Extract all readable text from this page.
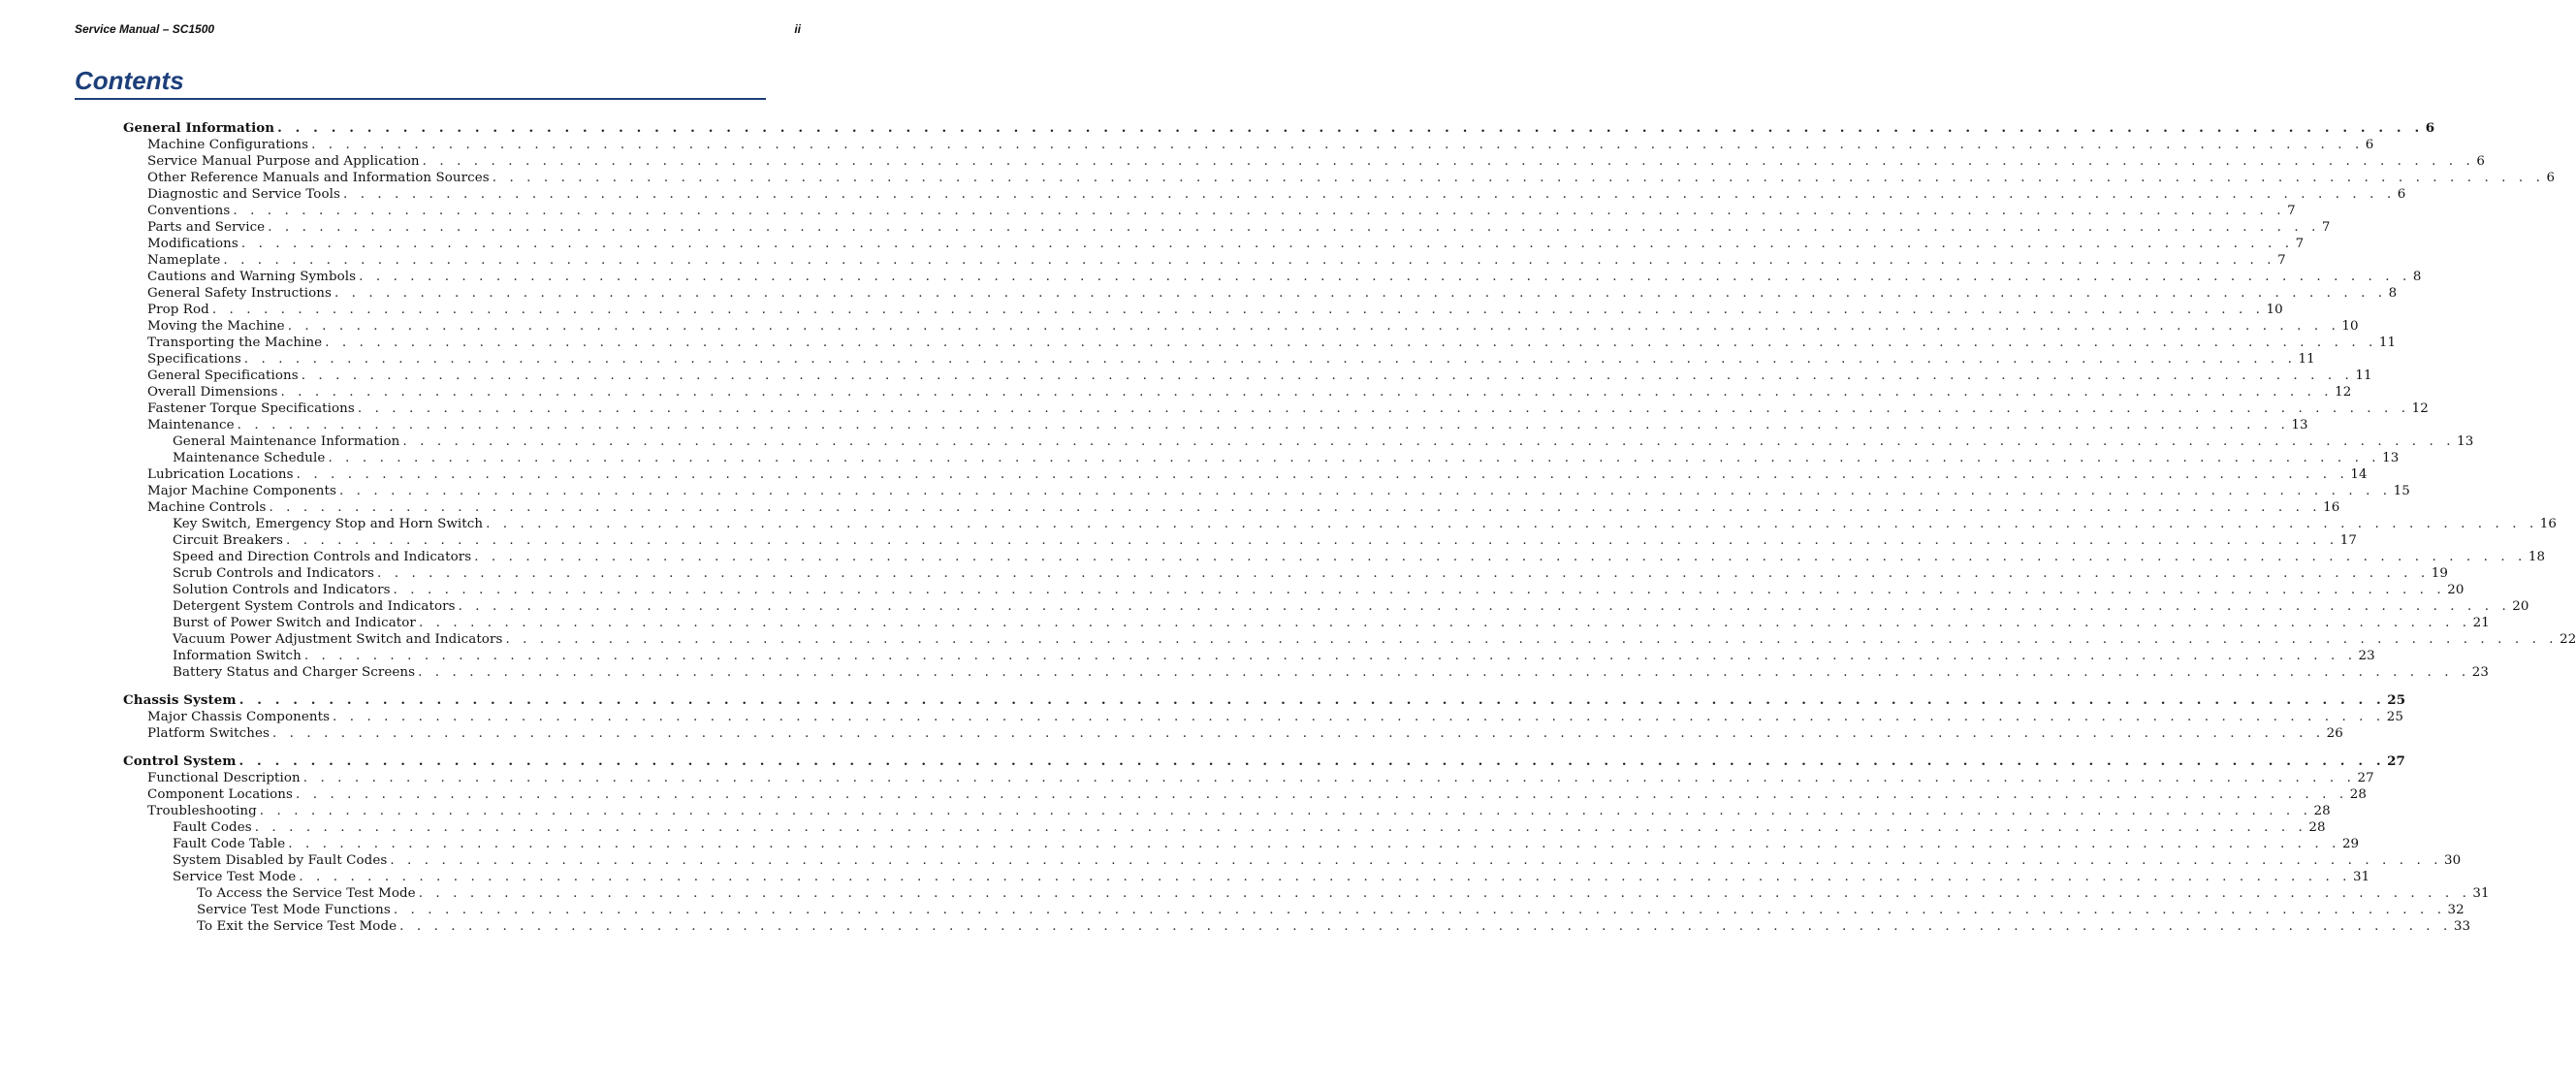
Service Manual – SC1500	ii
Contents
General Information . . . . . . . . . . . . . . . . . . . . . . . . . . . . . . . . . . . . . . . . . . . . . . . . . . . . . . . . . . . . . . . . . . . . . . . . . . . . . . . . . . . . . . . . . . . . . . . . . . . . . . . . . . . . . . . . . . . . . . . . 6
Machine Configurations . . . . . . . . . . . . . . . . . . . . . . . . . . . . . . . . . . . . . . . . . . . . . . . . . . . . . . . . . . . . . . . . . . . . . . . . . . . . . . . . . . . . . . . . . . . . . . . . . . . . . . . . . . . . . . . . . . . . . . . . 6
Service Manual Purpose and Application . . . . . . . . . . . . . . . . . . . . . . . . . . . . . . . . . . . . . . . . . . . . . . . . . . . . . . . . . . . . . . . . . . . . . . . . . . . . . . . . . . . . . . . . . . . . . . . . . . . . . . . . . . . . . . . . . . . . . . . . 6
Other Reference Manuals and Information Sources . . . . . . . . . . . . . . . . . . . . . . . . . . . . . . . . . . . . . . . . . . . . . . . . . . . . . . . . . . . . . . . . . . . . . . . . . . . . . . . . . . . . . . . . . . . . . . . . . . . . . . . . . . . . . . . . . . . . . . . . 6
Diagnostic and Service Tools . . . . . . . . . . . . . . . . . . . . . . . . . . . . . . . . . . . . . . . . . . . . . . . . . . . . . . . . . . . . . . . . . . . . . . . . . . . . . . . . . . . . . . . . . . . . . . . . . . . . . . . . . . . . . . . . . . . . . . . . 6
Conventions . . . . . . . . . . . . . . . . . . . . . . . . . . . . . . . . . . . . . . . . . . . . . . . . . . . . . . . . . . . . . . . . . . . . . . . . . . . . . . . . . . . . . . . . . . . . . . . . . . . . . . . . . . . . . . . . . . . . . . . . 7
Parts and Service . . . . . . . . . . . . . . . . . . . . . . . . . . . . . . . . . . . . . . . . . . . . . . . . . . . . . . . . . . . . . . . . . . . . . . . . . . . . . . . . . . . . . . . . . . . . . . . . . . . . . . . . . . . . . . . . . . . . . . . . 7
Modifications . . . . . . . . . . . . . . . . . . . . . . . . . . . . . . . . . . . . . . . . . . . . . . . . . . . . . . . . . . . . . . . . . . . . . . . . . . . . . . . . . . . . . . . . . . . . . . . . . . . . . . . . . . . . . . . . . . . . . . . . 7
Nameplate . . . . . . . . . . . . . . . . . . . . . . . . . . . . . . . . . . . . . . . . . . . . . . . . . . . . . . . . . . . . . . . . . . . . . . . . . . . . . . . . . . . . . . . . . . . . . . . . . . . . . . . . . . . . . . . . . . . . . . . . 7
Cautions and Warning Symbols . . . . . . . . . . . . . . . . . . . . . . . . . . . . . . . . . . . . . . . . . . . . . . . . . . . . . . . . . . . . . . . . . . . . . . . . . . . . . . . . . . . . . . . . . . . . . . . . . . . . . . . . . . . . . . . . . . . . . . . . 8
General Safety Instructions . . . . . . . . . . . . . . . . . . . . . . . . . . . . . . . . . . . . . . . . . . . . . . . . . . . . . . . . . . . . . . . . . . . . . . . . . . . . . . . . . . . . . . . . . . . . . . . . . . . . . . . . . . . . . . . . . . . . . . . . 8
Prop Rod . . . . . . . . . . . . . . . . . . . . . . . . . . . . . . . . . . . . . . . . . . . . . . . . . . . . . . . . . . . . . . . . . . . . . . . . . . . . . . . . . . . . . . . . . . . . . . . . . . . . . . . . . . . . . . . . . . . . . . . . 10
Moving the Machine . . . . . . . . . . . . . . . . . . . . . . . . . . . . . . . . . . . . . . . . . . . . . . . . . . . . . . . . . . . . . . . . . . . . . . . . . . . . . . . . . . . . . . . . . . . . . . . . . . . . . . . . . . . . . . . . . . . . . . . . 10
Transporting the Machine . . . . . . . . . . . . . . . . . . . . . . . . . . . . . . . . . . . . . . . . . . . . . . . . . . . . . . . . . . . . . . . . . . . . . . . . . . . . . . . . . . . . . . . . . . . . . . . . . . . . . . . . . . . . . . . . . . . . . . . . 11
Specifications . . . . . . . . . . . . . . . . . . . . . . . . . . . . . . . . . . . . . . . . . . . . . . . . . . . . . . . . . . . . . . . . . . . . . . . . . . . . . . . . . . . . . . . . . . . . . . . . . . . . . . . . . . . . . . . . . . . . . . . . 11
General Specifications . . . . . . . . . . . . . . . . . . . . . . . . . . . . . . . . . . . . . . . . . . . . . . . . . . . . . . . . . . . . . . . . . . . . . . . . . . . . . . . . . . . . . . . . . . . . . . . . . . . . . . . . . . . . . . . . . . . . . . . . 11
Overall Dimensions . . . . . . . . . . . . . . . . . . . . . . . . . . . . . . . . . . . . . . . . . . . . . . . . . . . . . . . . . . . . . . . . . . . . . . . . . . . . . . . . . . . . . . . . . . . . . . . . . . . . . . . . . . . . . . . . . . . . . . . . 12
Fastener Torque Specifications . . . . . . . . . . . . . . . . . . . . . . . . . . . . . . . . . . . . . . . . . . . . . . . . . . . . . . . . . . . . . . . . . . . . . . . . . . . . . . . . . . . . . . . . . . . . . . . . . . . . . . . . . . . . . . . . . . . . . . . . 12
Maintenance . . . . . . . . . . . . . . . . . . . . . . . . . . . . . . . . . . . . . . . . . . . . . . . . . . . . . . . . . . . . . . . . . . . . . . . . . . . . . . . . . . . . . . . . . . . . . . . . . . . . . . . . . . . . . . . . . . . . . . . . 13
General Maintenance Information . . . . . . . . . . . . . . . . . . . . . . . . . . . . . . . . . . . . . . . . . . . . . . . . . . . . . . . . . . . . . . . . . . . . . . . . . . . . . . . . . . . . . . . . . . . . . . . . . . . . . . . . . . . . . . . . . . . . . . . . 13
Maintenance Schedule . . . . . . . . . . . . . . . . . . . . . . . . . . . . . . . . . . . . . . . . . . . . . . . . . . . . . . . . . . . . . . . . . . . . . . . . . . . . . . . . . . . . . . . . . . . . . . . . . . . . . . . . . . . . . . . . . . . . . . . . 13
Lubrication Locations . . . . . . . . . . . . . . . . . . . . . . . . . . . . . . . . . . . . . . . . . . . . . . . . . . . . . . . . . . . . . . . . . . . . . . . . . . . . . . . . . . . . . . . . . . . . . . . . . . . . . . . . . . . . . . . . . . . . . . . . 14
Major Machine Components . . . . . . . . . . . . . . . . . . . . . . . . . . . . . . . . . . . . . . . . . . . . . . . . . . . . . . . . . . . . . . . . . . . . . . . . . . . . . . . . . . . . . . . . . . . . . . . . . . . . . . . . . . . . . . . . . . . . . . . . 15
Machine Controls . . . . . . . . . . . . . . . . . . . . . . . . . . . . . . . . . . . . . . . . . . . . . . . . . . . . . . . . . . . . . . . . . . . . . . . . . . . . . . . . . . . . . . . . . . . . . . . . . . . . . . . . . . . . . . . . . . . . . . . . 16
Key Switch, Emergency Stop and Horn Switch . . . . . . . . . . . . . . . . . . . . . . . . . . . . . . . . . . . . . . . . . . . . . . . . . . . . . . . . . . . . . . . . . . . . . . . . . . . . . . . . . . . . . . . . . . . . . . . . . . . . . . . . . . . . . . . . . . . . . . . . 16
Circuit Breakers . . . . . . . . . . . . . . . . . . . . . . . . . . . . . . . . . . . . . . . . . . . . . . . . . . . . . . . . . . . . . . . . . . . . . . . . . . . . . . . . . . . . . . . . . . . . . . . . . . . . . . . . . . . . . . . . . . . . . . . . 17
Speed and Direction Controls and Indicators . . . . . . . . . . . . . . . . . . . . . . . . . . . . . . . . . . . . . . . . . . . . . . . . . . . . . . . . . . . . . . . . . . . . . . . . . . . . . . . . . . . . . . . . . . . . . . . . . . . . . . . . . . . . . . . . . . . . . . . . 18
Scrub Controls and Indicators . . . . . . . . . . . . . . . . . . . . . . . . . . . . . . . . . . . . . . . . . . . . . . . . . . . . . . . . . . . . . . . . . . . . . . . . . . . . . . . . . . . . . . . . . . . . . . . . . . . . . . . . . . . . . . . . . . . . . . . . 19
Solution Controls and Indicators . . . . . . . . . . . . . . . . . . . . . . . . . . . . . . . . . . . . . . . . . . . . . . . . . . . . . . . . . . . . . . . . . . . . . . . . . . . . . . . . . . . . . . . . . . . . . . . . . . . . . . . . . . . . . . . . . . . . . . . . 20
Detergent System Controls and Indicators . . . . . . . . . . . . . . . . . . . . . . . . . . . . . . . . . . . . . . . . . . . . . . . . . . . . . . . . . . . . . . . . . . . . . . . . . . . . . . . . . . . . . . . . . . . . . . . . . . . . . . . . . . . . . . . . . . . . . . . . 20
Burst of Power Switch and Indicator . . . . . . . . . . . . . . . . . . . . . . . . . . . . . . . . . . . . . . . . . . . . . . . . . . . . . . . . . . . . . . . . . . . . . . . . . . . . . . . . . . . . . . . . . . . . . . . . . . . . . . . . . . . . . . . . . . . . . . . . 21
Vacuum Power Adjustment Switch and Indicators . . . . . . . . . . . . . . . . . . . . . . . . . . . . . . . . . . . . . . . . . . . . . . . . . . . . . . . . . . . . . . . . . . . . . . . . . . . . . . . . . . . . . . . . . . . . . . . . . . . . . . . . . . . . . . . . . . . . . . . . 22
Information Switch . . . . . . . . . . . . . . . . . . . . . . . . . . . . . . . . . . . . . . . . . . . . . . . . . . . . . . . . . . . . . . . . . . . . . . . . . . . . . . . . . . . . . . . . . . . . . . . . . . . . . . . . . . . . . . . . . . . . . . . . 23
Battery Status and Charger Screens . . . . . . . . . . . . . . . . . . . . . . . . . . . . . . . . . . . . . . . . . . . . . . . . . . . . . . . . . . . . . . . . . . . . . . . . . . . . . . . . . . . . . . . . . . . . . . . . . . . . . . . . . . . . . . . . . . . . . . . . 23
Chassis System . . . . . . . . . . . . . . . . . . . . . . . . . . . . . . . . . . . . . . . . . . . . . . . . . . . . . . . . . . . . . . . . . . . . . . . . . . . . . . . . . . . . . . . . . . . . . . . . . . . . . . . . . . . . . . . . . . . . . . . . 25
Major Chassis Components . . . . . . . . . . . . . . . . . . . . . . . . . . . . . . . . . . . . . . . . . . . . . . . . . . . . . . . . . . . . . . . . . . . . . . . . . . . . . . . . . . . . . . . . . . . . . . . . . . . . . . . . . . . . . . . . . . . . . . . . 25
Platform Switches . . . . . . . . . . . . . . . . . . . . . . . . . . . . . . . . . . . . . . . . . . . . . . . . . . . . . . . . . . . . . . . . . . . . . . . . . . . . . . . . . . . . . . . . . . . . . . . . . . . . . . . . . . . . . . . . . . . . . . . . 26
Control System . . . . . . . . . . . . . . . . . . . . . . . . . . . . . . . . . . . . . . . . . . . . . . . . . . . . . . . . . . . . . . . . . . . . . . . . . . . . . . . . . . . . . . . . . . . . . . . . . . . . . . . . . . . . . . . . . . . . . . . . 27
Functional Description . . . . . . . . . . . . . . . . . . . . . . . . . . . . . . . . . . . . . . . . . . . . . . . . . . . . . . . . . . . . . . . . . . . . . . . . . . . . . . . . . . . . . . . . . . . . . . . . . . . . . . . . . . . . . . . . . . . . . . . . 27
Component Locations . . . . . . . . . . . . . . . . . . . . . . . . . . . . . . . . . . . . . . . . . . . . . . . . . . . . . . . . . . . . . . . . . . . . . . . . . . . . . . . . . . . . . . . . . . . . . . . . . . . . . . . . . . . . . . . . . . . . . . . . 28
Troubleshooting . . . . . . . . . . . . . . . . . . . . . . . . . . . . . . . . . . . . . . . . . . . . . . . . . . . . . . . . . . . . . . . . . . . . . . . . . . . . . . . . . . . . . . . . . . . . . . . . . . . . . . . . . . . . . . . . . . . . . . . . 28
Fault Codes . . . . . . . . . . . . . . . . . . . . . . . . . . . . . . . . . . . . . . . . . . . . . . . . . . . . . . . . . . . . . . . . . . . . . . . . . . . . . . . . . . . . . . . . . . . . . . . . . . . . . . . . . . . . . . . . . . . . . . . . 28
Fault Code Table . . . . . . . . . . . . . . . . . . . . . . . . . . . . . . . . . . . . . . . . . . . . . . . . . . . . . . . . . . . . . . . . . . . . . . . . . . . . . . . . . . . . . . . . . . . . . . . . . . . . . . . . . . . . . . . . . . . . . . . . 29
System Disabled by Fault Codes . . . . . . . . . . . . . . . . . . . . . . . . . . . . . . . . . . . . . . . . . . . . . . . . . . . . . . . . . . . . . . . . . . . . . . . . . . . . . . . . . . . . . . . . . . . . . . . . . . . . . . . . . . . . . . . . . . . . . . . . 30
Service Test Mode . . . . . . . . . . . . . . . . . . . . . . . . . . . . . . . . . . . . . . . . . . . . . . . . . . . . . . . . . . . . . . . . . . . . . . . . . . . . . . . . . . . . . . . . . . . . . . . . . . . . . . . . . . . . . . . . . . . . . . . . 31
To Access the Service Test Mode . . . . . . . . . . . . . . . . . . . . . . . . . . . . . . . . . . . . . . . . . . . . . . . . . . . . . . . . . . . . . . . . . . . . . . . . . . . . . . . . . . . . . . . . . . . . . . . . . . . . . . . . . . . . . . . . . . . . . . . . 31
Service Test Mode Functions . . . . . . . . . . . . . . . . . . . . . . . . . . . . . . . . . . . . . . . . . . . . . . . . . . . . . . . . . . . . . . . . . . . . . . . . . . . . . . . . . . . . . . . . . . . . . . . . . . . . . . . . . . . . . . . . . . . . . . . . 32
To Exit the Service Test Mode . . . . . . . . . . . . . . . . . . . . . . . . . . . . . . . . . . . . . . . . . . . . . . . . . . . . . . . . . . . . . . . . . . . . . . . . . . . . . . . . . . . . . . . . . . . . . . . . . . . . . . . . . . . . . . . . . . . . . . . . 33
